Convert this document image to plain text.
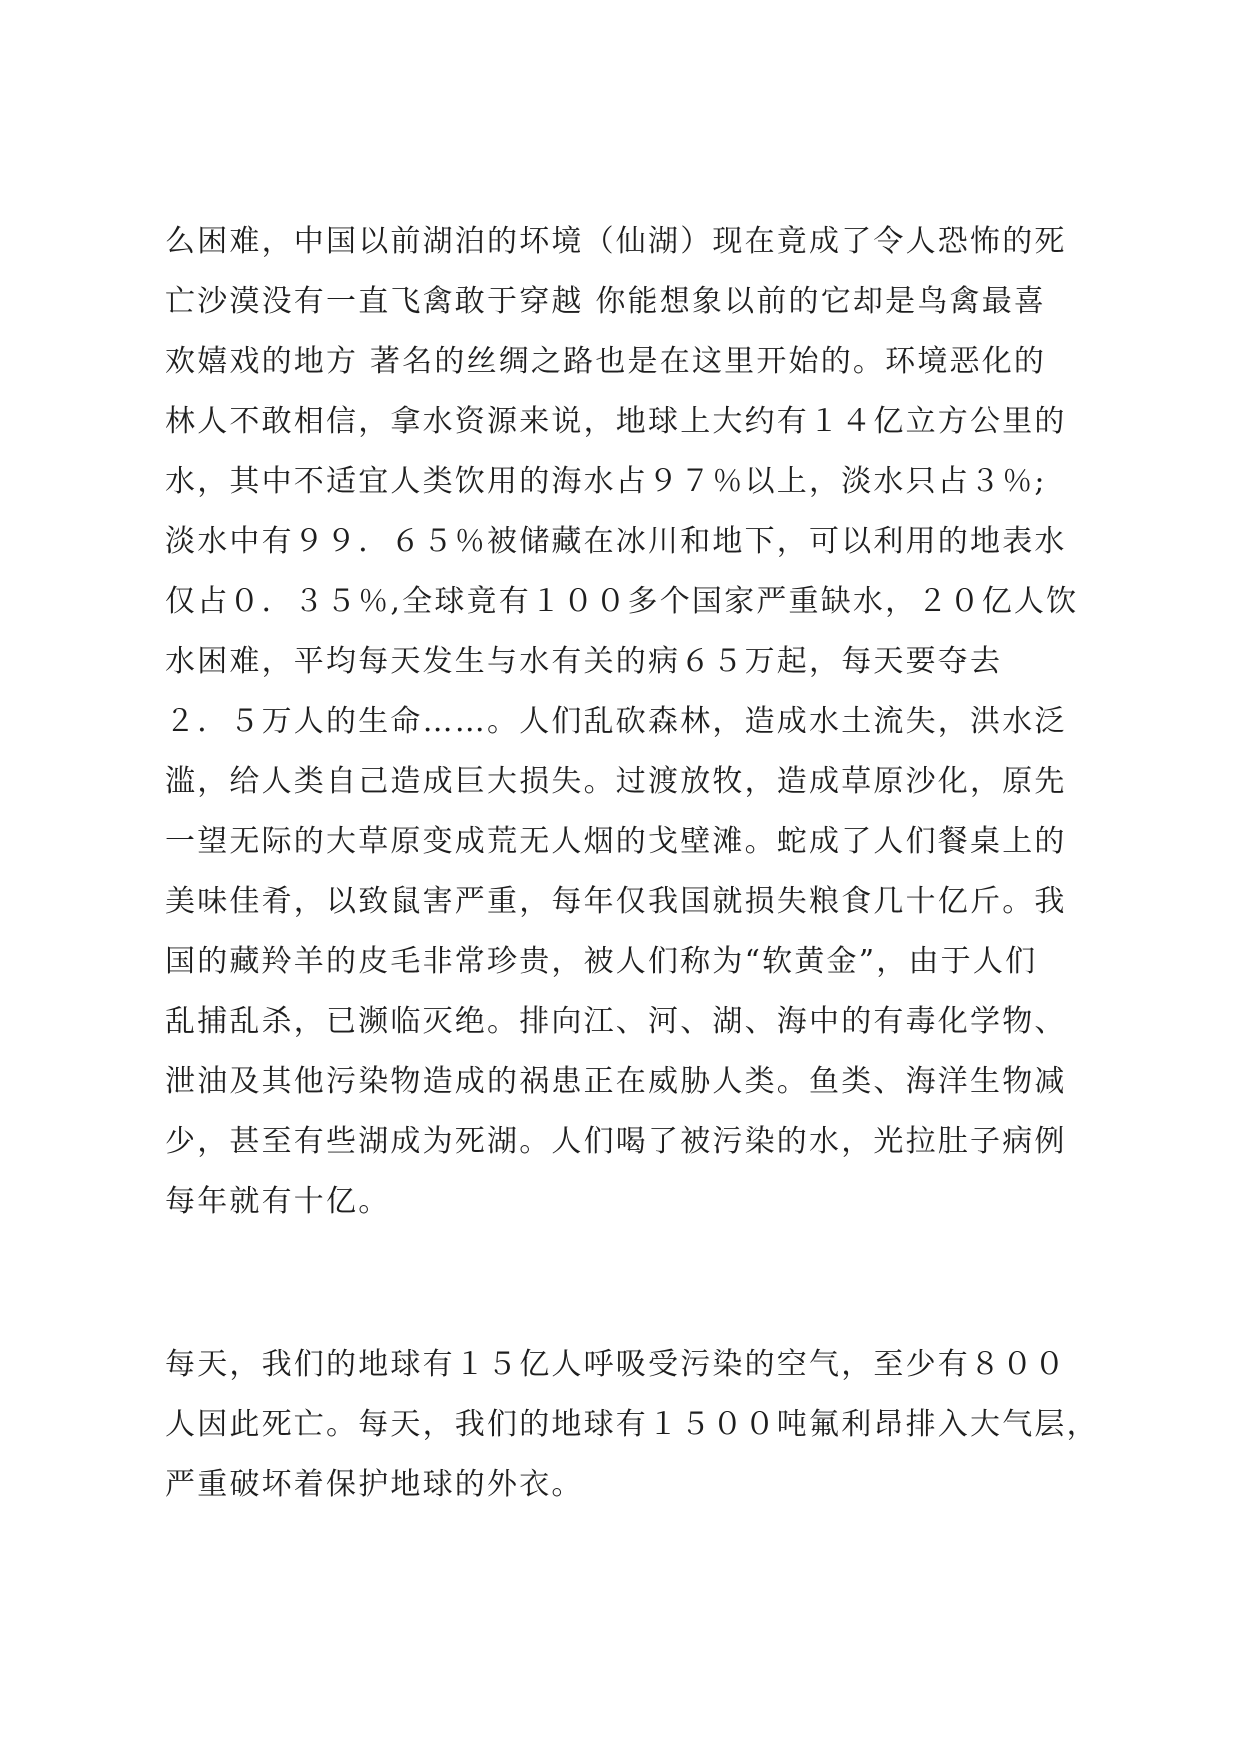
么困难，中国以前湖泊的坏境（仙湖）现在竟成了令人恐怖的死
亡沙漠没有一直飞禽敢于穿越 你能想象以前的它却是鸟禽最喜
欢嬉戏的地方 著名的丝绸之路也是在这里开始的。环境恶化的
林人不敢相信，拿水资源来说，地球上大约有１４亿立方公里的
水，其中不适宜人类饮用的海水占９７％以上，淡水只占３％;
淡水中有９９．６５％被储藏在冰川和地下，可以利用的地表水
仅占０．３５％,全球竟有１００多个国家严重缺水，２０亿人饮
水困难，平均每天发生与水有关的病６５万起，每天要夺去
２．５万人的生命……。人们乱砍森林，造成水土流失，洪水泛
滥，给人类自己造成巨大损失。过渡放牧，造成草原沙化，原先
一望无际的大草原变成荒无人烟的戈壁滩。蛇成了人们餐桌上的
美味佳肴，以致鼠害严重，每年仅我国就损失粮食几十亿斤。我
国的藏羚羊的皮毛非常珍贵，被人们称为“软黄金”，由于人们
乱捕乱杀，已濒临灭绝。排向江、河、湖、海中的有毒化学物、
泄油及其他污染物造成的祸患正在威胁人类。鱼类、海洋生物减
少，甚至有些湖成为死湖。人们喝了被污染的水，光拉肚子病例
每年就有十亿。
每天，我们的地球有１５亿人呼吸受污染的空气，至少有８００
人因此死亡。每天，我们的地球有１５００吨氟利昂排入大气层，
严重破坏着保护地球的外衣。
